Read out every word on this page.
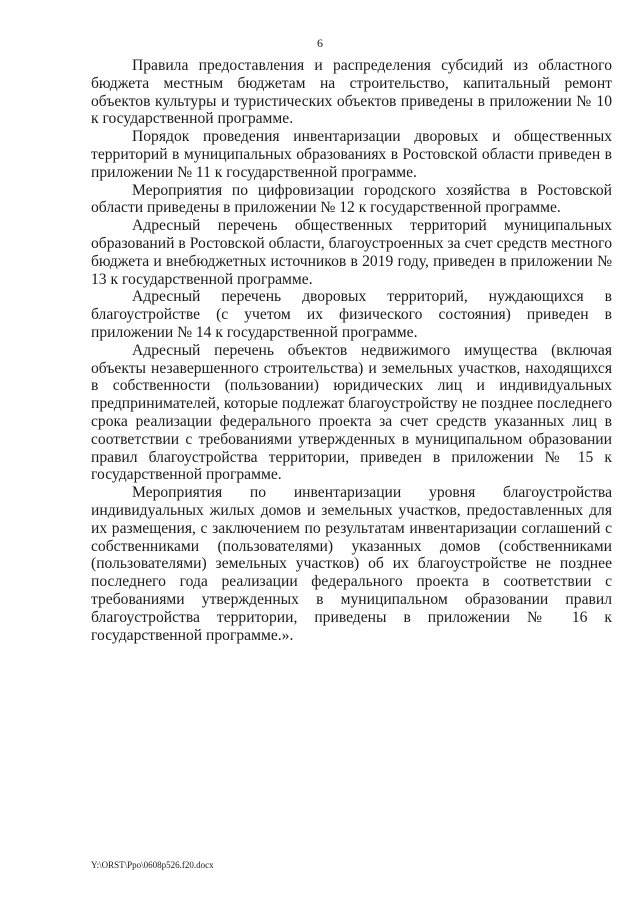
6

Правила предоставления и распределения субсидий из областного бюджета местным бюджетам на строительство, капитальный ремонт объектов культуры и туристических объектов приведены в приложении № 10 к государственной программе.

Порядок проведения инвентаризации дворовых и общественных территорий в муниципальных образованиях в Ростовской области приведен в приложении № 11 к государственной программе.

Мероприятия по цифровизации городского хозяйства в Ростовской области приведены в приложении № 12 к государственной программе.

Адресный перечень общественных территорий муниципальных образований в Ростовской области, благоустроенных за счет средств местного бюджета и внебюджетных источников в 2019 году, приведен в приложении № 13 к государственной программе.

Адресный перечень дворовых территорий, нуждающихся в благоустройстве (с учетом их физического состояния) приведен в приложении № 14 к государственной программе.

Адресный перечень объектов недвижимого имущества (включая объекты незавершенного строительства) и земельных участков, находящихся в собственности (пользовании) юридических лиц и индивидуальных предпринимателей, которые подлежат благоустройству не позднее последнего срока реализации федерального проекта за счет средств указанных лиц в соответствии с требованиями утвержденных в муниципальном образовании правил благоустройства территории, приведен в приложении № 15 к государственной программе.

Мероприятия по инвентаризации уровня благоустройства индивидуальных жилых домов и земельных участков, предоставленных для их размещения, с заключением по результатам инвентаризации соглашений с собственниками (пользователями) указанных домов (собственниками (пользователями) земельных участков) об их благоустройстве не позднее последнего года реализации федерального проекта в соответствии с требованиями утвержденных в муниципальном образовании правил благоустройства территории, приведены в приложении № 16 к государственной программе.».

Y:\ORST\Ppo\0608p526.f20.docx
